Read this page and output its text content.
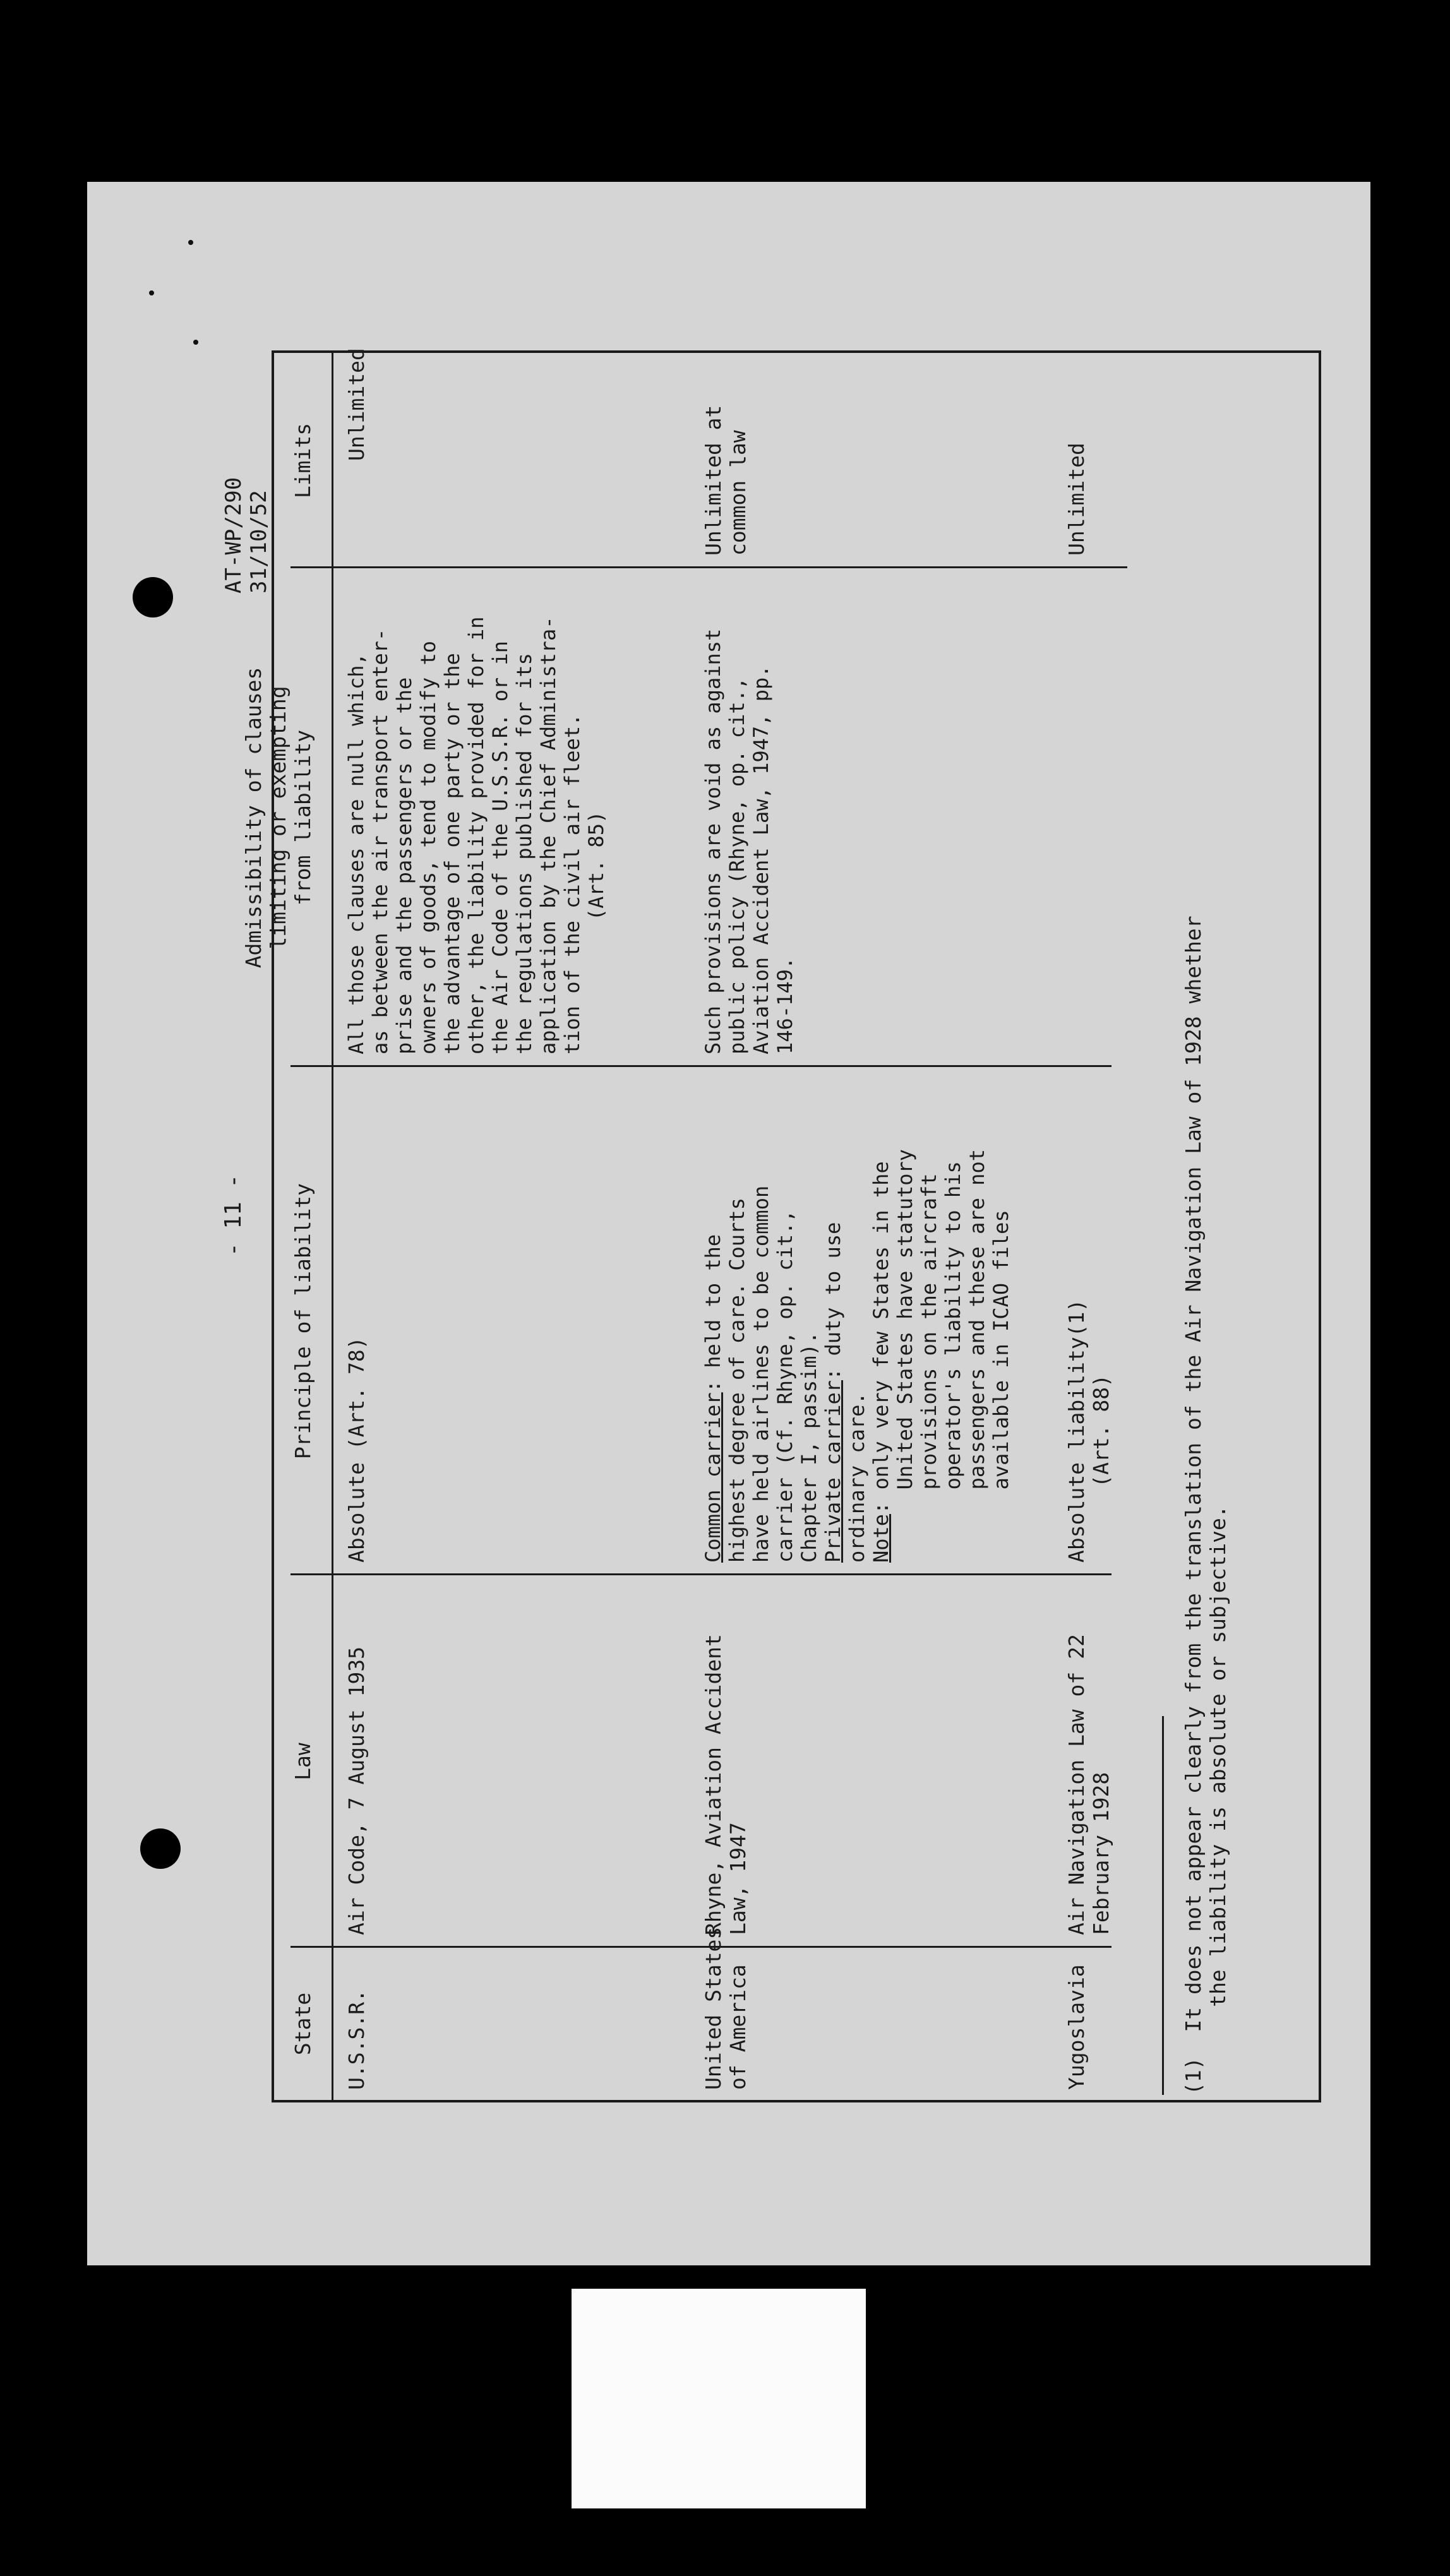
- 11 -
AT-WP/290 31/10/52
State
Law
Principle of liability
Admissibility of clauses
limiting or exempting
from liability
Limits
U.S.S.R.
Air Code, 7 August 1935
Absolute (Art. 78)
All those clauses are null which,
as between the air transport enter-
prise and the passengers or the
owners of goods, tend to modify to
the advantage of one party or the
other, the liability provided for in
the Air Code of the U.S.S.R. or in
the regulations published for its
application by the Chief Administra-
tion of the civil air fleet.
(Art. 85)
Unlimited
United States
of America
Rhyne, Aviation Accident
Law, 1947
Common carrier: held to the
highest degree of care. Courts
have held airlines to be common
carrier (Cf. Rhyne, op. cit.,
Chapter I, passim).
Private carrier: duty to use
ordinary care.
Note: only very few States in the
United States have statutory
provisions on the aircraft
operator's liability to his
passengers and these are not
available in ICAO files
Such provisions are void as against
public policy (Rhyne, op. cit.,
Aviation Accident Law, 1947, pp.
146-149.
Unlimited at
common law
Yugoslavia
Air Navigation Law of 22
February 1928
Absolute liability(1)
(Art. 88)
Unlimited
(1)  It does not appear clearly from the translation of the Air Navigation Law of 1928 whether
the liability is absolute or subjective.
